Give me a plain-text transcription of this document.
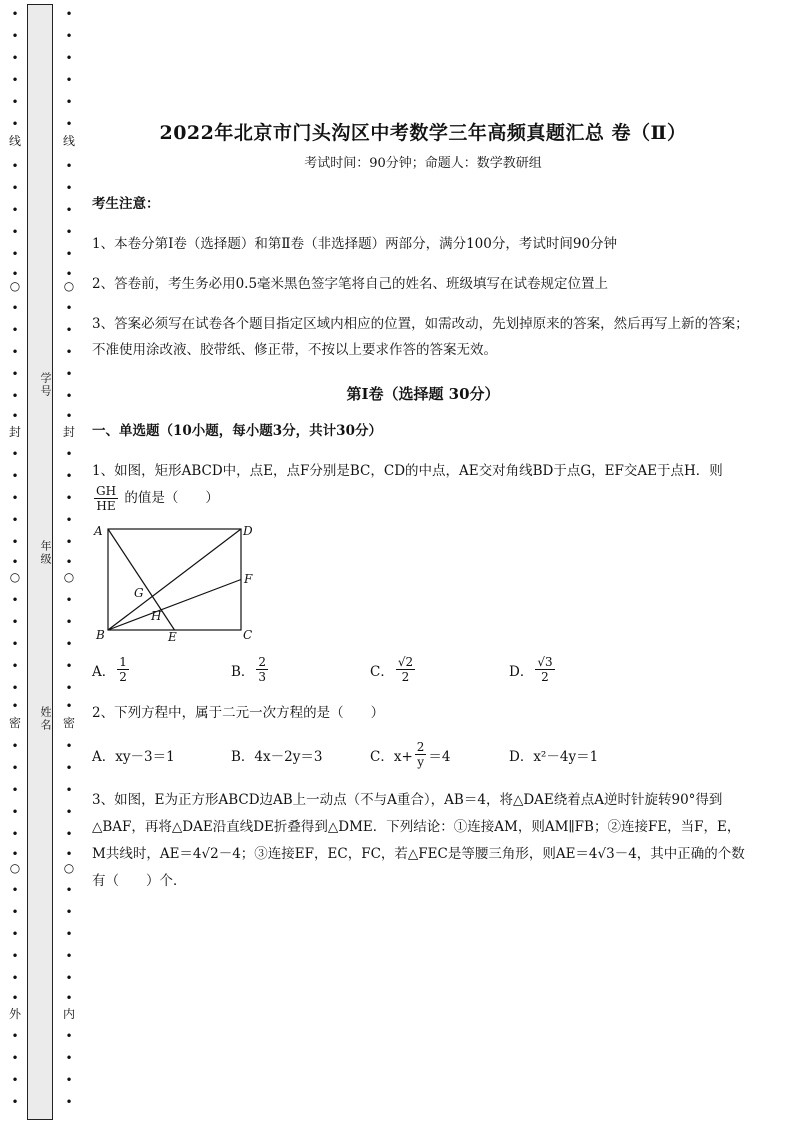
•
•
•
•
•
•
线
•
•
•
•
•
•
○
•
•
•
•
•
•
封
•
•
•
•
•
•
○
•
•
•
•
•
•
密
•
•
•
•
•
•
○
•
•
•
•
•
•
外
•
•
•
•
•
•
•
•
•
•
线
•
•
•
•
•
•
○
•
•
•
•
•
•
封
•
•
•
•
•
•
○
•
•
•
•
•
•
密
•
•
•
•
•
•
○
•
•
•
•
•
•
内
•
•
•
•
学号
年级
姓名
2022年北京市门头沟区中考数学三年高频真题汇总 卷（Ⅱ）
考试时间：90分钟；命题人：数学教研组
考生注意：
1、本卷分第Ⅰ卷（选择题）和第Ⅱ卷（非选择题）两部分，满分100分，考试时间90分钟
2、答卷前，考生务必用0.5毫米黑色签字笔将自己的姓名、班级填写在试卷规定位置上
3、答案必须写在试卷各个题目指定区域内相应的位置，如需改动，先划掉原来的答案，然后再写上新的答案；不准使用涂改液、胶带纸、修正带，不按以上要求作答的答案无效。
第Ⅰ卷（选择题 30分）
一、单选题（10小题，每小题3分，共计30分）
1、如图，矩形ABCD中，点E，点F分别是BC，CD的中点，AE交对角线BD于点G，EF交AE于点H．则
$\frac{GH}{HE}$ 的值是（　　）
A	D
F
G
H
B	E	C
A． $\frac{1}{2}$	B． $\frac{2}{3}$	C． $\frac{√2}{2}$	D． $\frac{√3}{2}$
2、下列方程中，属于二元一次方程的是（　　）
A．xy－3＝1	B．4x－2y＝3	C．$x+ \frac{2}{y} =4$	D．x²－4y＝1
3、如图，E为正方形ABCD边AB上一动点（不与A重合），AB＝4，将△DAE绕着点A逆时针旋转90°得到△BAF，再将△DAE沿直线DE折叠得到△DME．下列结论：①连接AM，则AM∥FB；②连接FE，当F，E，M共线时，AE＝4√2－4；③连接EF，EC，FC，若△FEC是等腰三角形，则AE＝4√3－4，其中正确的个数有（　　）个．
